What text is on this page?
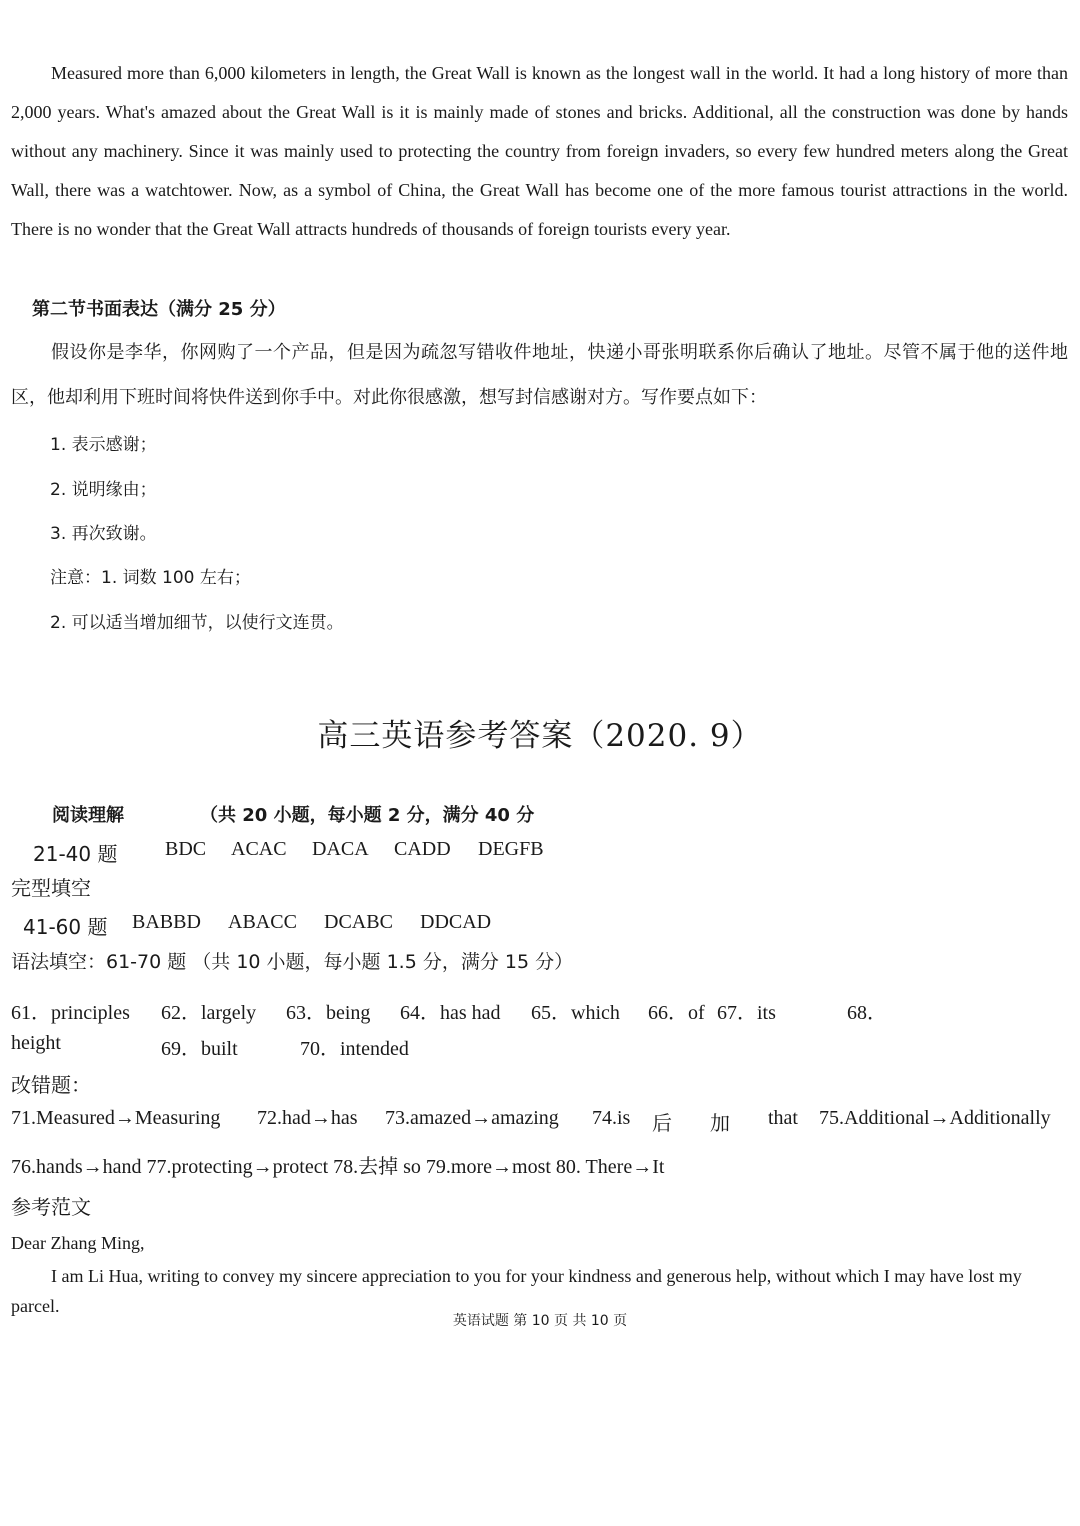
Measured more than 6,000 kilometers in length, the Great Wall is known as the longest wall in the world. It had a long history of more than 2,000 years. What's amazed about the Great Wall is it is mainly made of stones and bricks. Additional, all the construction was done by hands without any machinery. Since it was mainly used to protecting the country from foreign invaders, so every few hundred meters along the Great Wall, there was a watchtower. Now, as a symbol of China, the Great Wall has become one of the more famous tourist attractions in the world. There is no wonder that the Great Wall attracts hundreds of thousands of foreign tourists every year.

第二节书面表达（满分 25 分）

假设你是李华，你网购了一个产品，但是因为疏忽写错收件地址，快递小哥张明联系你后确认了地址。尽管不属于他的送件地区，他却利用下班时间将快件送到你手中。对此你很感激，想写封信感谢对方。写作要点如下：

1. 表示感谢；
2. 说明缘由；
3. 再次致谢。
注意：1. 词数 100 左右；
2. 可以适当增加细节，以使行文连贯。
高三英语参考答案（2020. 9）
阅读理解	（共 20 小题，每小题 2 分，满分 40 分
21-40 题 BDC ACAC DACA CADD DEGFB
完型填空
41-60 题 BABBD ABACC DCABC DDCAD
语法填空：61-70 题 （共 10 小题，每小题 1.5 分，满分 15 分）
61．principles 62．largely 63．being 64．has had 65．which 66．of 67．its	68．
height	69．built	70．intended
改错题：
71.Measured→Measuring 72.had→has 73.amazed→amazing 74.is 后 加 that 75.Additional→Additionally
76.hands→hand 77.protecting→protect 78.去掉 so 79.more→most 80. There→It
参考范文
Dear Zhang Ming,

I am Li Hua, writing to convey my sincere appreciation to you for your kindness and generous help, without which I may have lost my parcel.

英语试题 第 10 页 共 10 页
